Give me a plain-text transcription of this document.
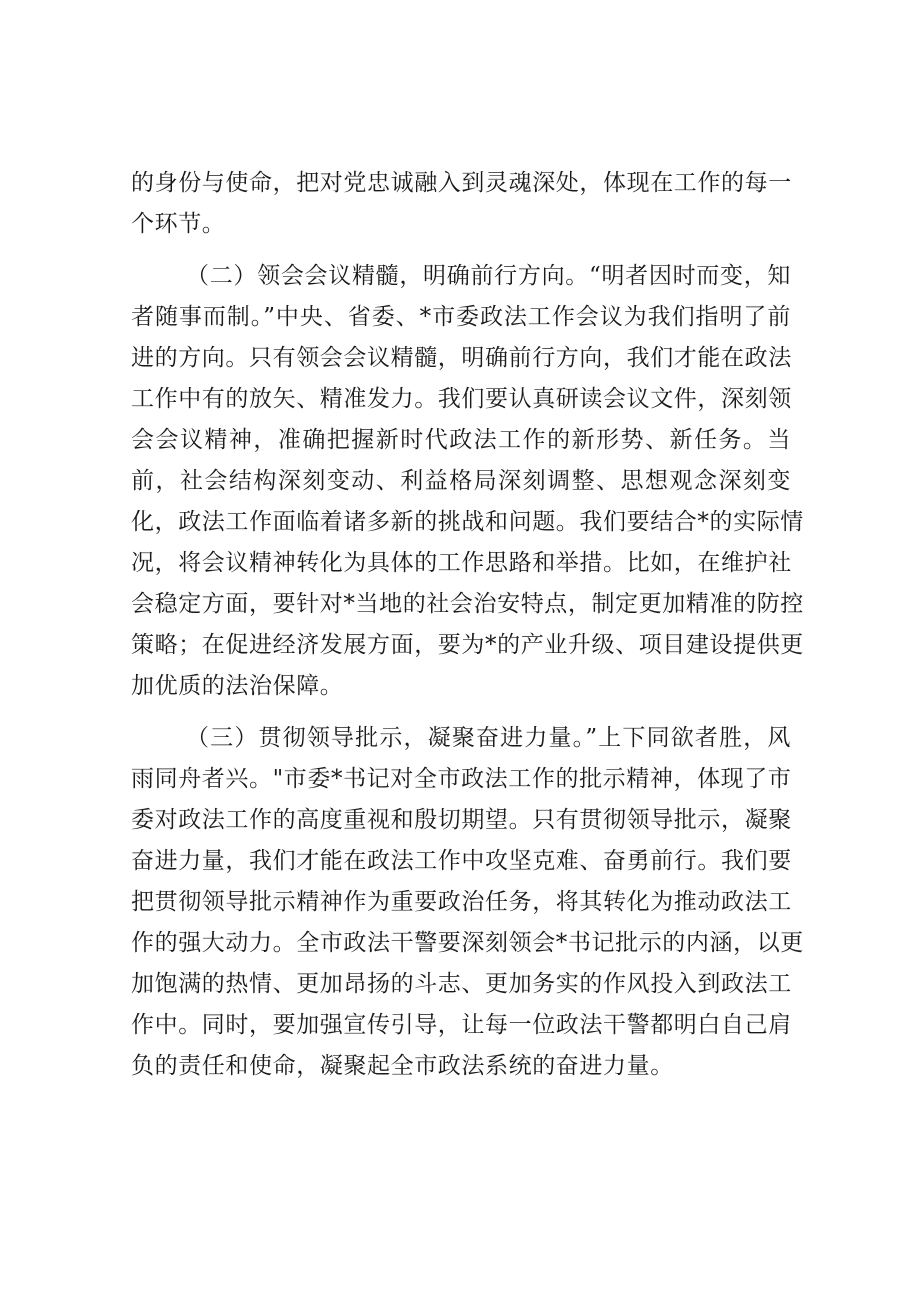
的身份与使命，把对党忠诚融入到灵魂深处，体现在工作的每一
个环节。
（二）领会会议精髓，明确前行方向。“明者因时而变，知
者随事而制。”中央、省委、*市委政法工作会议为我们指明了前
进的方向。只有领会会议精髓，明确前行方向，我们才能在政法
工作中有的放矢、精准发力。我们要认真研读会议文件，深刻领
会会议精神，准确把握新时代政法工作的新形势、新任务。当
前，社会结构深刻变动、利益格局深刻调整、思想观念深刻变
化，政法工作面临着诸多新的挑战和问题。我们要结合*的实际情
况，将会议精神转化为具体的工作思路和举措。比如，在维护社
会稳定方面，要针对*当地的社会治安特点，制定更加精准的防控
策略；在促进经济发展方面，要为*的产业升级、项目建设提供更
加优质的法治保障。
（三）贯彻领导批示，凝聚奋进力量。”上下同欲者胜，风
雨同舟者兴。"市委*书记对全市政法工作的批示精神，体现了市
委对政法工作的高度重视和殷切期望。只有贯彻领导批示，凝聚
奋进力量，我们才能在政法工作中攻坚克难、奋勇前行。我们要
把贯彻领导批示精神作为重要政治任务，将其转化为推动政法工
作的强大动力。全市政法干警要深刻领会*书记批示的内涵，以更
加饱满的热情、更加昂扬的斗志、更加务实的作风投入到政法工
作中。同时，要加强宣传引导，让每一位政法干警都明白自己肩
负的责任和使命，凝聚起全市政法系统的奋进力量。
